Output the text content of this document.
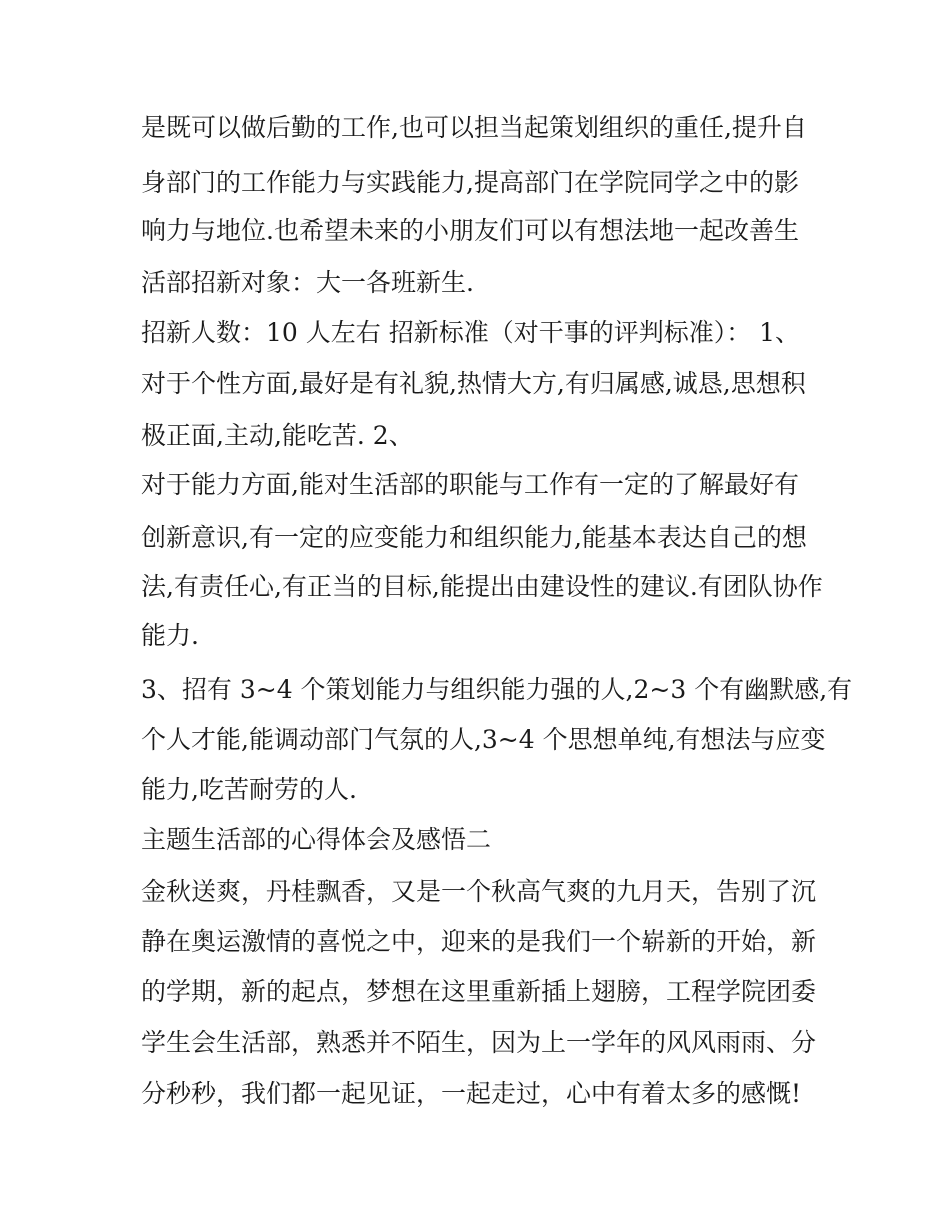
是既可以做后勤的工作,也可以担当起策划组织的重任,提升自

身部门的工作能力与实践能力,提高部门在学院同学之中的影

响力与地位.也希望未来的小朋友们可以有想法地一起改善生

活部招新对象：大一各班新生.

招新人数：10 人左右 招新标准（对干事的评判标准）： 1、

对于个性方面,最好是有礼貌,热情大方,有归属感,诚恳,思想积

极正面,主动,能吃苦. 2、

对于能力方面,能对生活部的职能与工作有一定的了解最好有

创新意识,有一定的应变能力和组织能力,能基本表达自己的想

法,有责任心,有正当的目标,能提出由建设性的建议.有团队协作

能力.

3、招有 3~4 个策划能力与组织能力强的人,2~3 个有幽默感,有

个人才能,能调动部门气氛的人,3~4 个思想单纯,有想法与应变

能力,吃苦耐劳的人.

主题生活部的心得体会及感悟二

金秋送爽，丹桂飘香，又是一个秋高气爽的九月天，告别了沉

静在奥运激情的喜悦之中，迎来的是我们一个崭新的开始，新

的学期，新的起点，梦想在这里重新插上翅膀，工程学院团委

学生会生活部，熟悉并不陌生，因为上一学年的风风雨雨、分

分秒秒，我们都一起见证，一起走过，心中有着太多的感慨!
